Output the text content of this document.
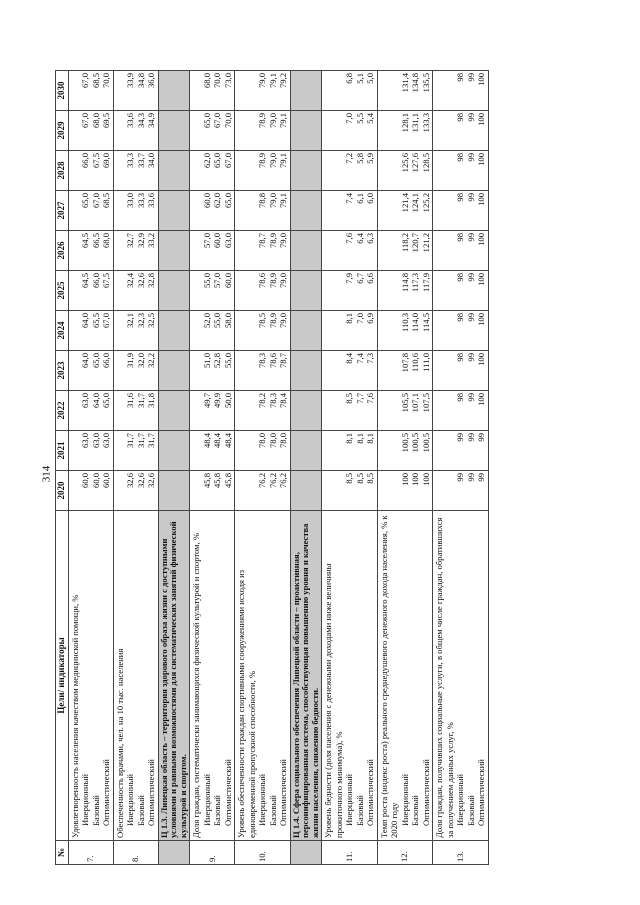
314
№	Цели/ индикаторы	2020	2021	2022	2023	2024	2025	2026	2027	2028	2029	2030
7.	Удовлетворенность населения качеством медицинской помощи, % Инерционный Базовый Оптимистический	60,0 60,0 60,0	63,0 63,0 63,0	63,0 64,0 65,0	64,0 65,0 66,0	64,0 65,5 67,0	64,5 66,0 67,5	64,5 66,5 68,0	65,0 67,0 68,5	66,0 67,5 69,0	67,0 68,0 69,5	67,0 68,5 70,0

8.	Обеспеченность врачами, чел. на 10 тыс. населения Инерционный Базовый Оптимистический	32,6 32,6 32,6	31,7 31,7 31,7	31,6 31,7 31,8	31,9 32,0 32,2	32,1 32,3 32,5	32,4 32,6 32,8	32,7 32,9 33,2	33,0 33,3 33,6	33,3 33,7 34,0	33,6 34,3 34,9	33,9 34,8 36,0

	Ц 1.3. Липецкая область – территория здорового образа жизни с доступными условиями и равными возможностями для систематических занятий физической культурой и спортом.											
9.	Доля граждан, систематически занимающихся физической культурой и спортом, % Инерционный Базовый Оптимистический	45,8 45,8 45,8	48,4 48,4 48,4	49,7 49,9 50,0	51,0 52,8 55,0	52,0 55,0 58,0	55,0 57,0 60,0	57,0 60,0 63,0	60,0 62,0 65,0	62,0 65,0 67,0	65,0 67,0 70,0	68,0 70,0 73,0

10.	Уровень обеспеченности граждан спортивными сооружениями исходя из единовременной пропускной способности, % Инерционный Базовый Оптимистический	76,2 76,2 76,2	78,0 78,0 78,0	78,2 78,3 78,4	78,3 78,6 78,7	78,5 78,9 79,0	78,6 78,9 79,0	78,7 78,9 79,0	78,8 79,0 79,1	78,9 79,0 79,1	78,9 79,0 79,1	79,0 79,1 79,2

	Ц 1.4. Сфера социального обеспечения Липецкой области – проактивная, персонифицированная система, способствующая повышению уровня и качества жизни населения, снижению бедности.											
11.	Уровень бедности (доля населения с денежными доходами ниже величины прожиточного минимума), % Инерционный Базовый Оптимистический	8,5 8,5 8,5	8,1 8,1 8,1	8,5 7,7 7,6	8,4 7,4 7,3	8,1 7,0 6,9	7,9 6,7 6,6	7,6 6,4 6,3	7,4 6,1 6,0	7,2 5,8 5,9	7,0 5,5 5,4	6,8 5,1 5,0

12.	Темп роста (индекс роста) реального среднедушевого денежного дохода населения, % к 2020 году Инерционный Базовый Оптимистический	100 100 100	100,5 100,5 100,5	105,5 107,1 107,5	107,8 110,6 111,0	110,3 114,0 114,5	114,8 117,3 117,9	118,2 120,7 121,2	121,4 124,1 125,2	125,6 127,6 128,5	128,1 131,1 133,3	131,4 134,8 135,5

13.	Доля граждан, получивших социальные услуги, в общем числе граждан, обратившихся за получением данных услуг, % Инерционный Базовый Оптимистический	99 99 99	99 99 99	98 99 100	98 99 100	98 99 100	98 99 100	98 99 100	98 99 100	98 99 100	98 99 100	98 99 100
